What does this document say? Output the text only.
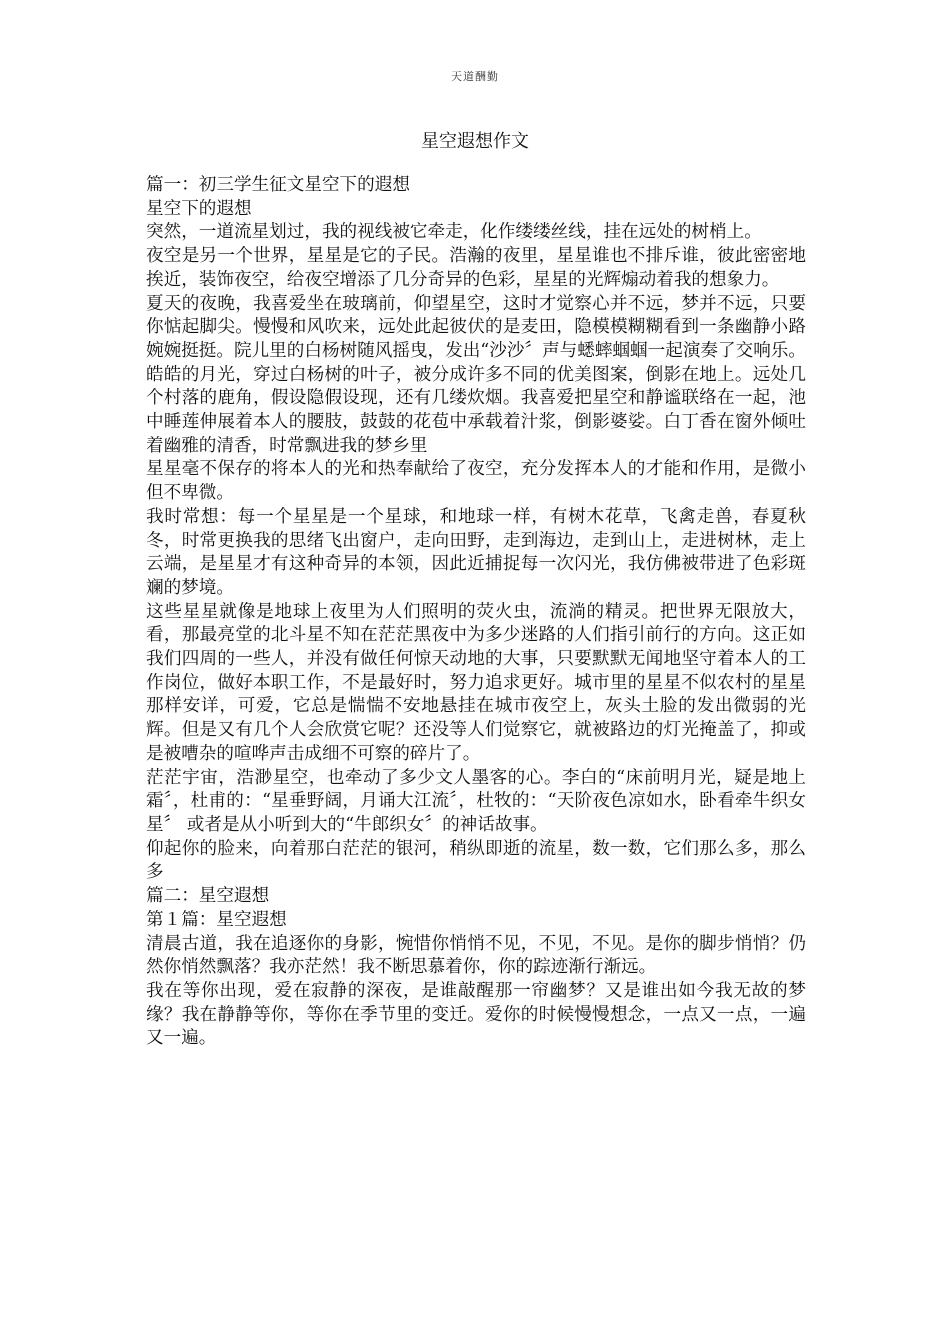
天道酬勤
星空遐想作文

篇一：初三学生征文星空下的遐想

星空下的遐想

突然，一道流星划过，我的视线被它牵走，化作缕缕丝线，挂在远处的树梢上。

夜空是另一个世界，星星是它的子民。浩瀚的夜里，星星谁也不排斥谁，彼此密密地挨近，装饰夜空，给夜空增添了几分奇异的色彩，星星的光辉煽动着我的想象力。

夏天的夜晚，我喜爱坐在玻璃前，仰望星空，这时才觉察心并不远，梦并不远，只要你惦起脚尖。慢慢和风吹来，远处此起彼伏的是麦田，隐模模糊糊看到一条幽静小路婉婉挺挺。院儿里的白杨树随风摇曳，发出“沙沙〞声与蟋蟀蝈蝈一起演奏了交响乐。皓皓的月光，穿过白杨树的叶子，被分成许多不同的优美图案，倒影在地上。远处几个村落的鹿角，假设隐假设现，还有几缕炊烟。我喜爱把星空和静谧联络在一起，池中睡莲伸展着本人的腰肢，鼓鼓的花苞中承载着汁浆，倒影婆娑。白丁香在窗外倾吐着幽雅的清香，时常飘进我的梦乡里

星星毫不保存的将本人的光和热奉献给了夜空，充分发挥本人的才能和作用，是微小但不卑微。

我时常想：每一个星星是一个星球，和地球一样，有树木花草，飞禽走兽，春夏秋冬，时常更换我的思绪飞出窗户，走向田野，走到海边，走到山上，走进树林，走上云端，是星星才有这种奇异的本领，因此近捕捉每一次闪光，我仿佛被带进了色彩斑斓的梦境。

这些星星就像是地球上夜里为人们照明的荧火虫，流淌的精灵。把世界无限放大，看，那最亮堂的北斗星不知在茫茫黑夜中为多少迷路的人们指引前行的方向。这正如我们四周的一些人，并没有做任何惊天动地的大事，只要默默无闻地坚守着本人的工作岗位，做好本职工作，不是最好时，努力追求更好。城市里的星星不似农村的星星那样安详，可爱，它总是惴惴不安地悬挂在城市夜空上，灰头土脸的发出微弱的光辉。但是又有几个人会欣赏它呢？还没等人们觉察它，就被路边的灯光掩盖了，抑或是被嘈杂的喧哗声击成细不可察的碎片了。

茫茫宇宙，浩渺星空，也牵动了多少文人墨客的心。李白的“床前明月光，疑是地上霜〞，杜甫的：“星垂野阔，月诵大江流〞，杜牧的：“天阶夜色凉如水，卧看牵牛织女星〞 或者是从小听到大的“牛郎织女〞的神话故事。

仰起你的脸来，向着那白茫茫的银河，稍纵即逝的流星，数一数，它们那么多，那么多

篇二：星空遐想

第１篇：星空遐想

清晨古道，我在追逐你的身影，惋惜你悄悄不见，不见，不见。是你的脚步悄悄？仍然你悄然飘落？我亦茫然！我不断思慕着你，你的踪迹渐行渐远。

我在等你出现，爱在寂静的深夜，是谁敲醒那一帘幽梦？又是谁出如今我无故的梦缘？我在静静等你，等你在季节里的变迁。爱你的时候慢慢想念，一点又一点，一遍又一遍。
